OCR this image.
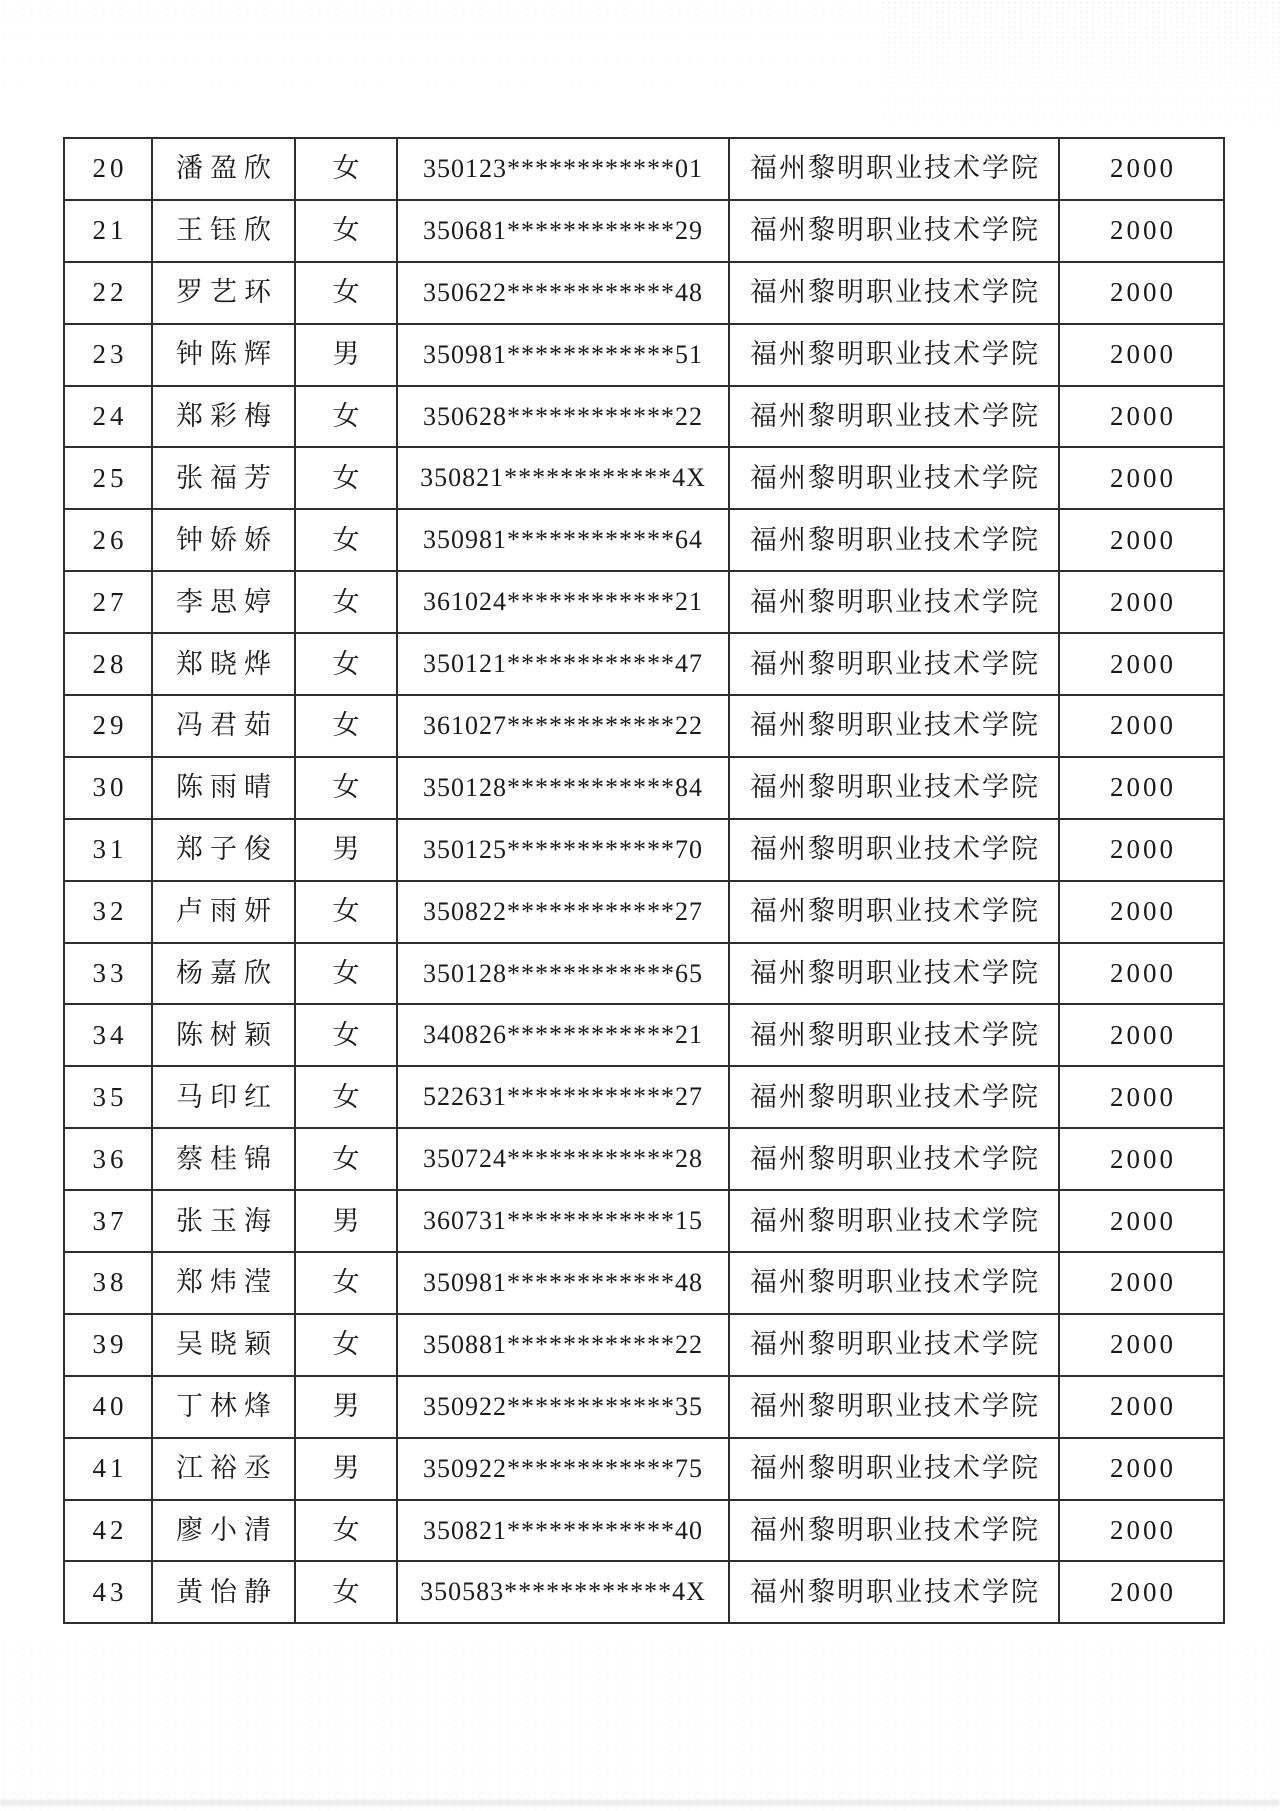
20	潘盈欣	女	350123************01	福州黎明职业技术学院	2000
21	王钰欣	女	350681************29	福州黎明职业技术学院	2000
22	罗艺环	女	350622************48	福州黎明职业技术学院	2000
23	钟陈辉	男	350981************51	福州黎明职业技术学院	2000
24	郑彩梅	女	350628************22	福州黎明职业技术学院	2000
25	张福芳	女	350821************4X	福州黎明职业技术学院	2000
26	钟娇娇	女	350981************64	福州黎明职业技术学院	2000
27	李思婷	女	361024************21	福州黎明职业技术学院	2000
28	郑晓烨	女	350121************47	福州黎明职业技术学院	2000
29	冯君茹	女	361027************22	福州黎明职业技术学院	2000
30	陈雨晴	女	350128************84	福州黎明职业技术学院	2000
31	郑子俊	男	350125************70	福州黎明职业技术学院	2000
32	卢雨妍	女	350822************27	福州黎明职业技术学院	2000
33	杨嘉欣	女	350128************65	福州黎明职业技术学院	2000
34	陈树颖	女	340826************21	福州黎明职业技术学院	2000
35	马印红	女	522631************27	福州黎明职业技术学院	2000
36	蔡桂锦	女	350724************28	福州黎明职业技术学院	2000
37	张玉海	男	360731************15	福州黎明职业技术学院	2000
38	郑炜滢	女	350981************48	福州黎明职业技术学院	2000
39	吴晓颖	女	350881************22	福州黎明职业技术学院	2000
40	丁林烽	男	350922************35	福州黎明职业技术学院	2000
41	江裕丞	男	350922************75	福州黎明职业技术学院	2000
42	廖小清	女	350821************40	福州黎明职业技术学院	2000
43	黄怡静	女	350583************4X	福州黎明职业技术学院	2000
